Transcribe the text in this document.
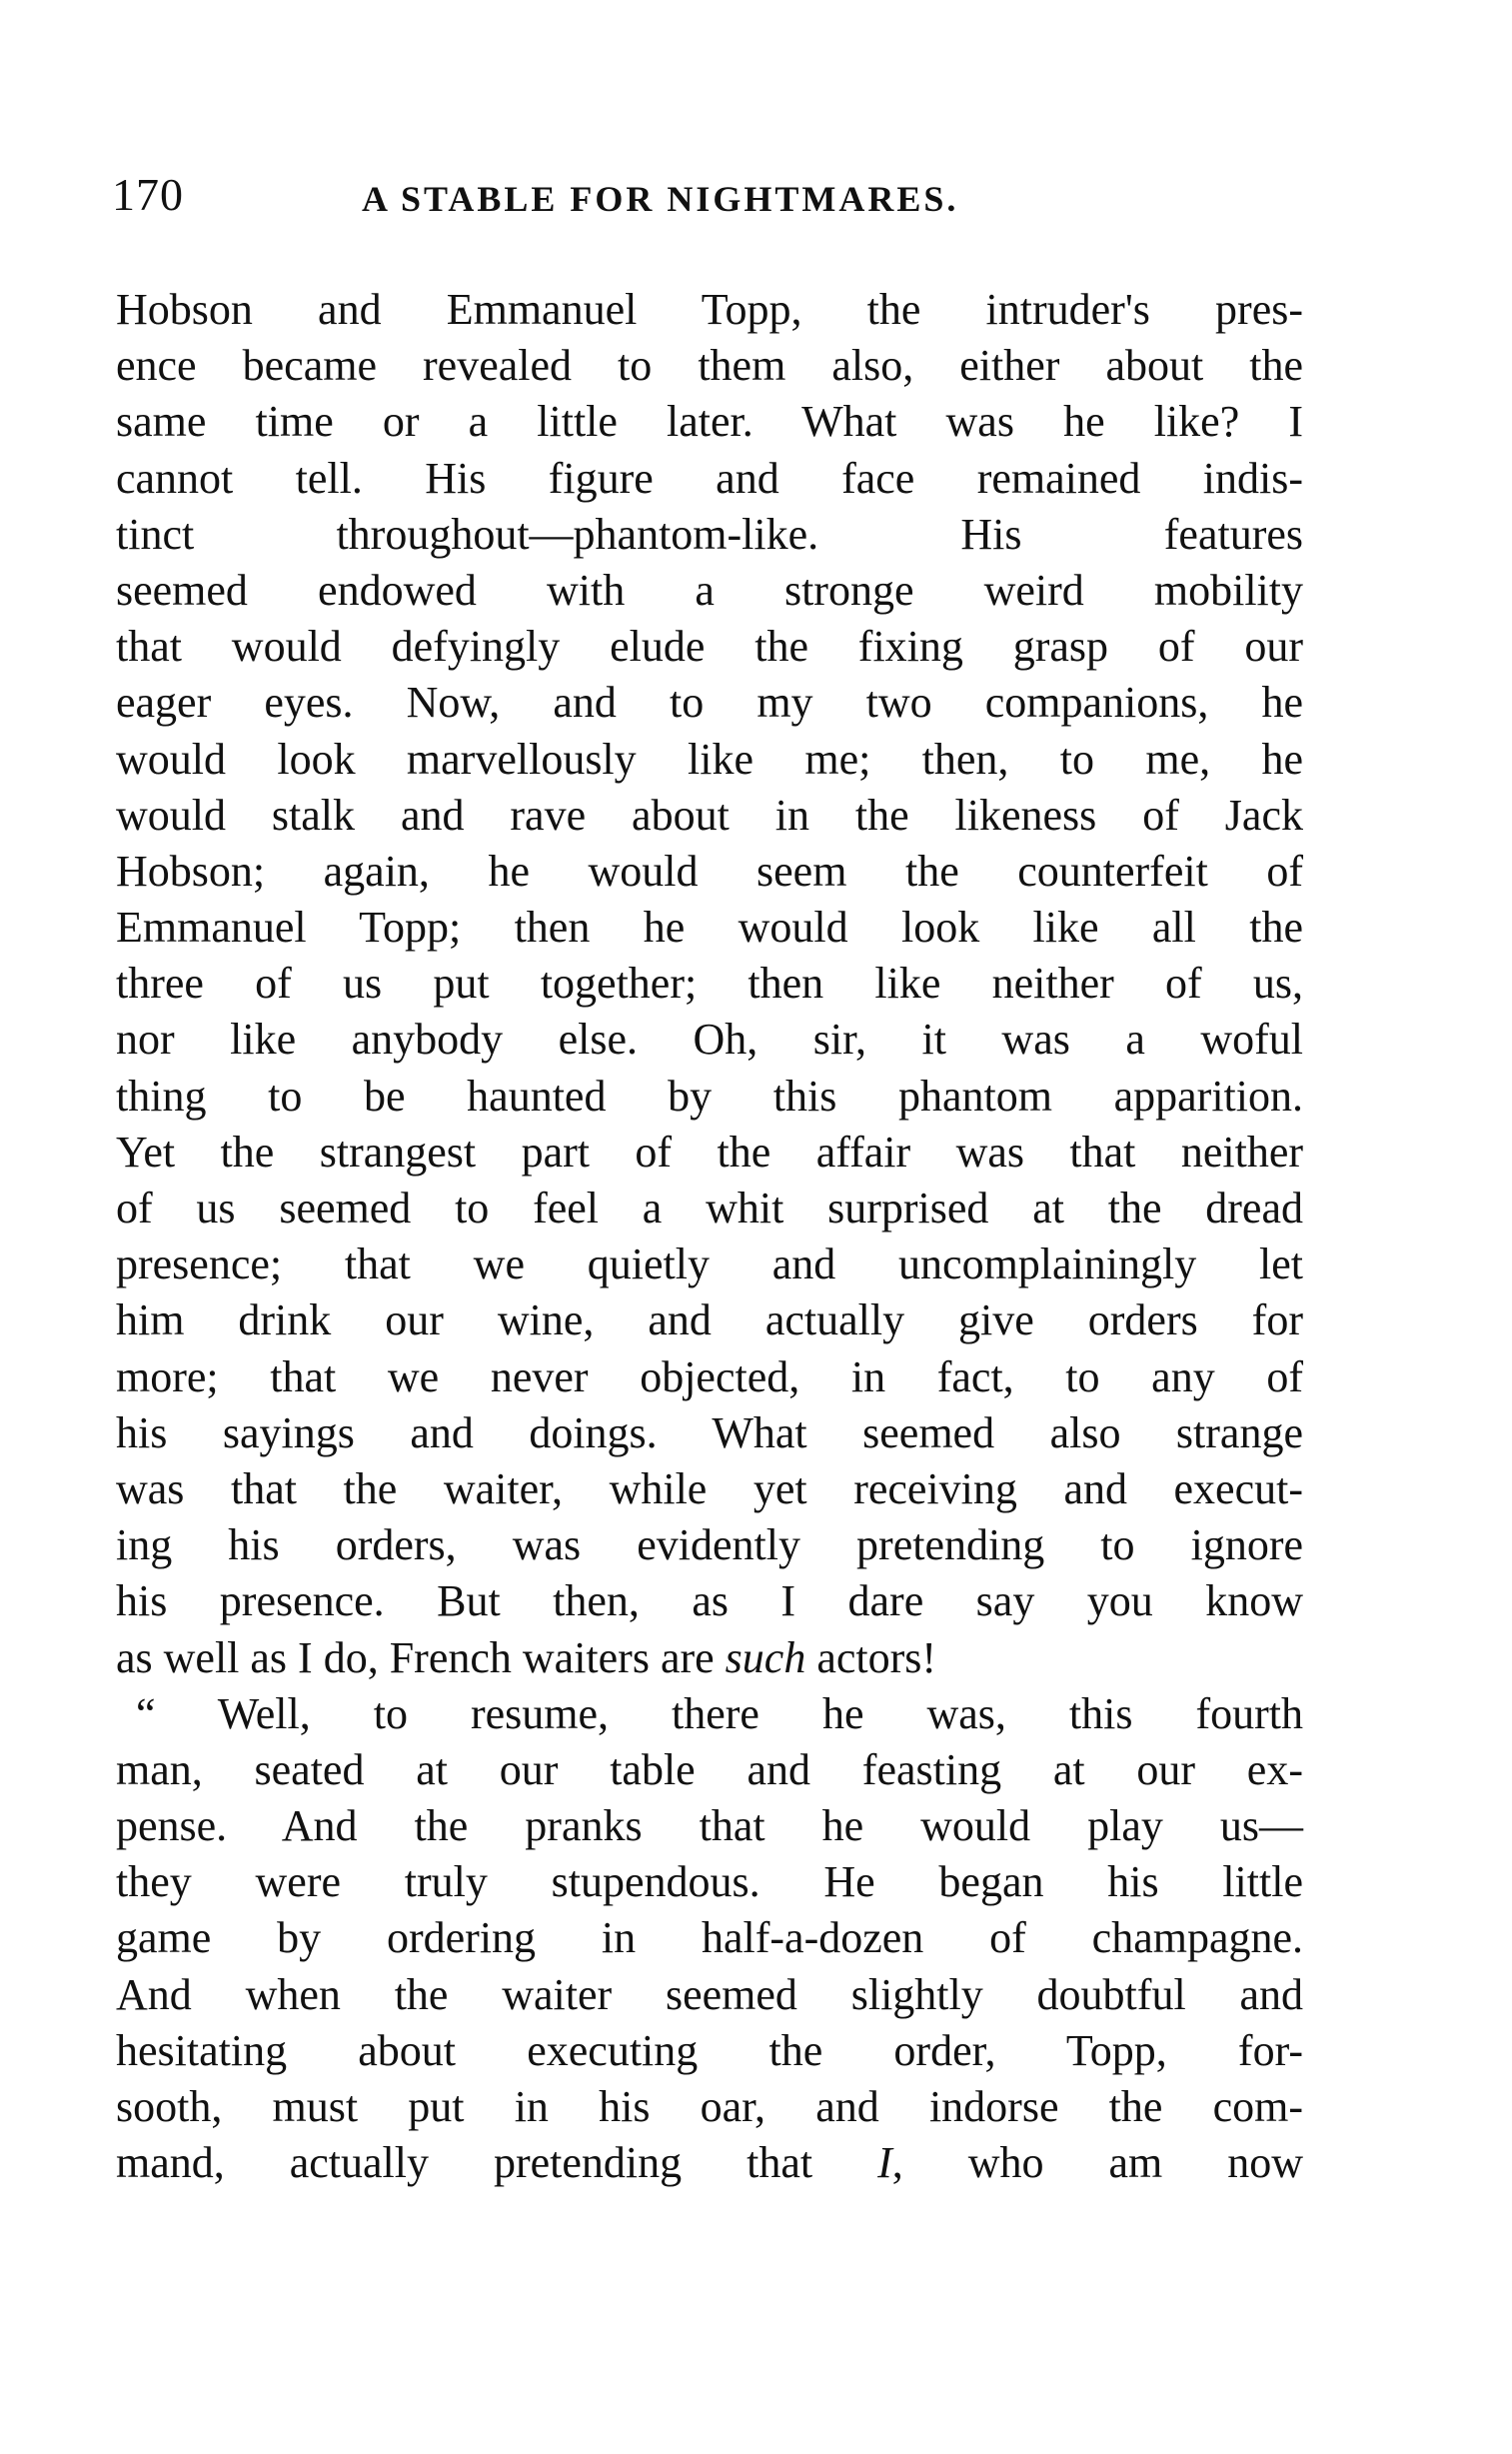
170	A STABLE FOR NIGHTMARES.
Hobson and Emmanuel Topp, the intruder's pres-
ence became revealed to them also, either about the
same time or a little later. What was he like? I
cannot tell. His figure and face remained indis-
tinct throughout—phantom-like. His features
seemed endowed with a stronge weird mobility
that would defyingly elude the fixing grasp of our
eager eyes. Now, and to my two companions, he
would look marvellously like me; then, to me, he
would stalk and rave about in the likeness of Jack
Hobson; again, he would seem the counterfeit of
Emmanuel Topp; then he would look like all the
three of us put together; then like neither of us,
nor like anybody else. Oh, sir, it was a woful
thing to be haunted by this phantom apparition.
Yet the strangest part of the affair was that neither
of us seemed to feel a whit surprised at the dread
presence; that we quietly and uncomplainingly let
him drink our wine, and actually give orders for
more; that we never objected, in fact, to any of
his sayings and doings. What seemed also strange
was that the waiter, while yet receiving and execut-
ing his orders, was evidently pretending to ignore
his presence. But then, as I dare say you know
as well as I do, French waiters are such actors!
“ Well, to resume, there he was, this fourth
man, seated at our table and feasting at our ex-
pense. And the pranks that he would play us—
they were truly stupendous. He began his little
game by ordering in half-a-dozen of champagne.
And when the waiter seemed slightly doubtful and
hesitating about executing the order, Topp, for-
sooth, must put in his oar, and indorse the com-
mand, actually pretending that I, who am now
